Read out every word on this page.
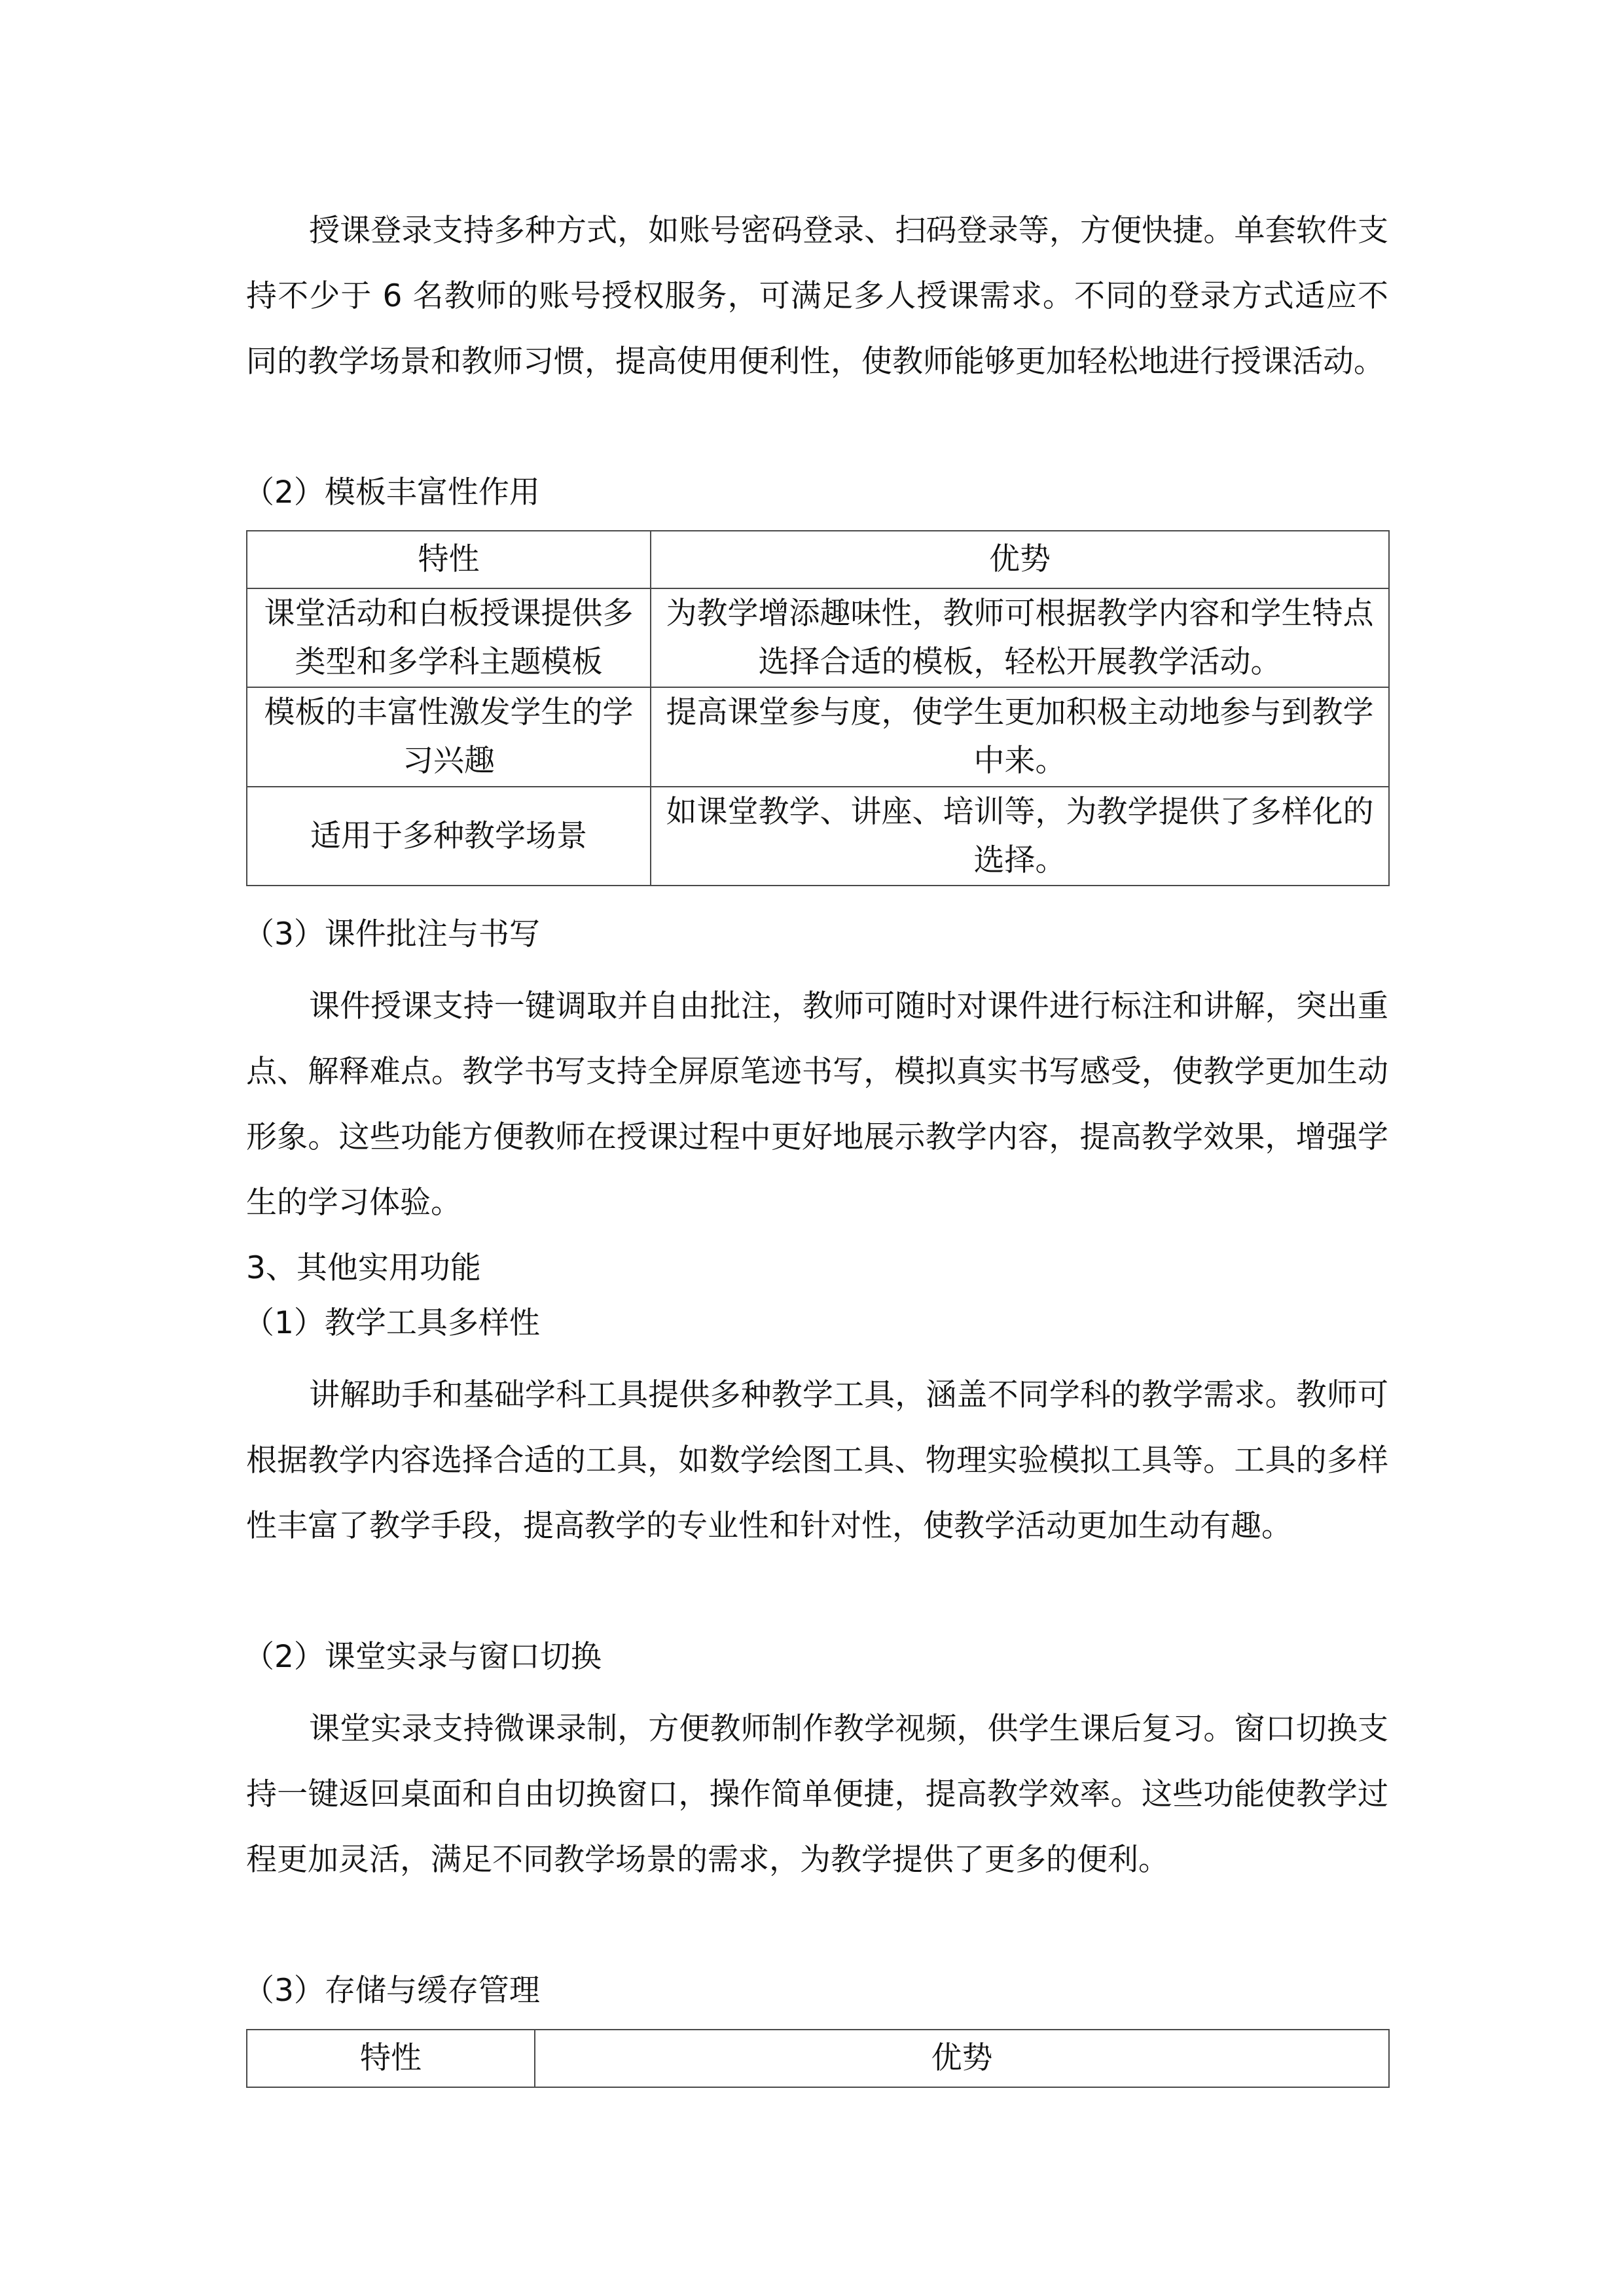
授课登录支持多种方式，如账号密码登录、扫码登录等，方便快捷。单套软件支持不少于 6 名教师的账号授权服务，可满足多人授课需求。不同的登录方式适应不同的教学场景和教师习惯，提高使用便利性，使教师能够更加轻松地进行授课活动。

（2）模板丰富性作用
特性	优势
课堂活动和白板授课提供多类型和多学科主题模板	为教学增添趣味性，教师可根据教学内容和学生特点选择合适的模板，轻松开展教学活动。
模板的丰富性激发学生的学习兴趣	提高课堂参与度，使学生更加积极主动地参与到教学中来。
适用于多种教学场景	如课堂教学、讲座、培训等，为教学提供了多样化的选择。
（3）课件批注与书写

课件授课支持一键调取并自由批注，教师可随时对课件进行标注和讲解，突出重点、解释难点。教学书写支持全屏原笔迹书写，模拟真实书写感受，使教学更加生动形象。这些功能方便教师在授课过程中更好地展示教学内容，提高教学效果，增强学生的学习体验。

3、其他实用功能
（1）教学工具多样性

讲解助手和基础学科工具提供多种教学工具，涵盖不同学科的教学需求。教师可根据教学内容选择合适的工具，如数学绘图工具、物理实验模拟工具等。工具的多样性丰富了教学手段，提高教学的专业性和针对性，使教学活动更加生动有趣。

（2）课堂实录与窗口切换

课堂实录支持微课录制，方便教师制作教学视频，供学生课后复习。窗口切换支持一键返回桌面和自由切换窗口，操作简单便捷，提高教学效率。这些功能使教学过程更加灵活，满足不同教学场景的需求，为教学提供了更多的便利。

（3）存储与缓存管理
特性	优势
